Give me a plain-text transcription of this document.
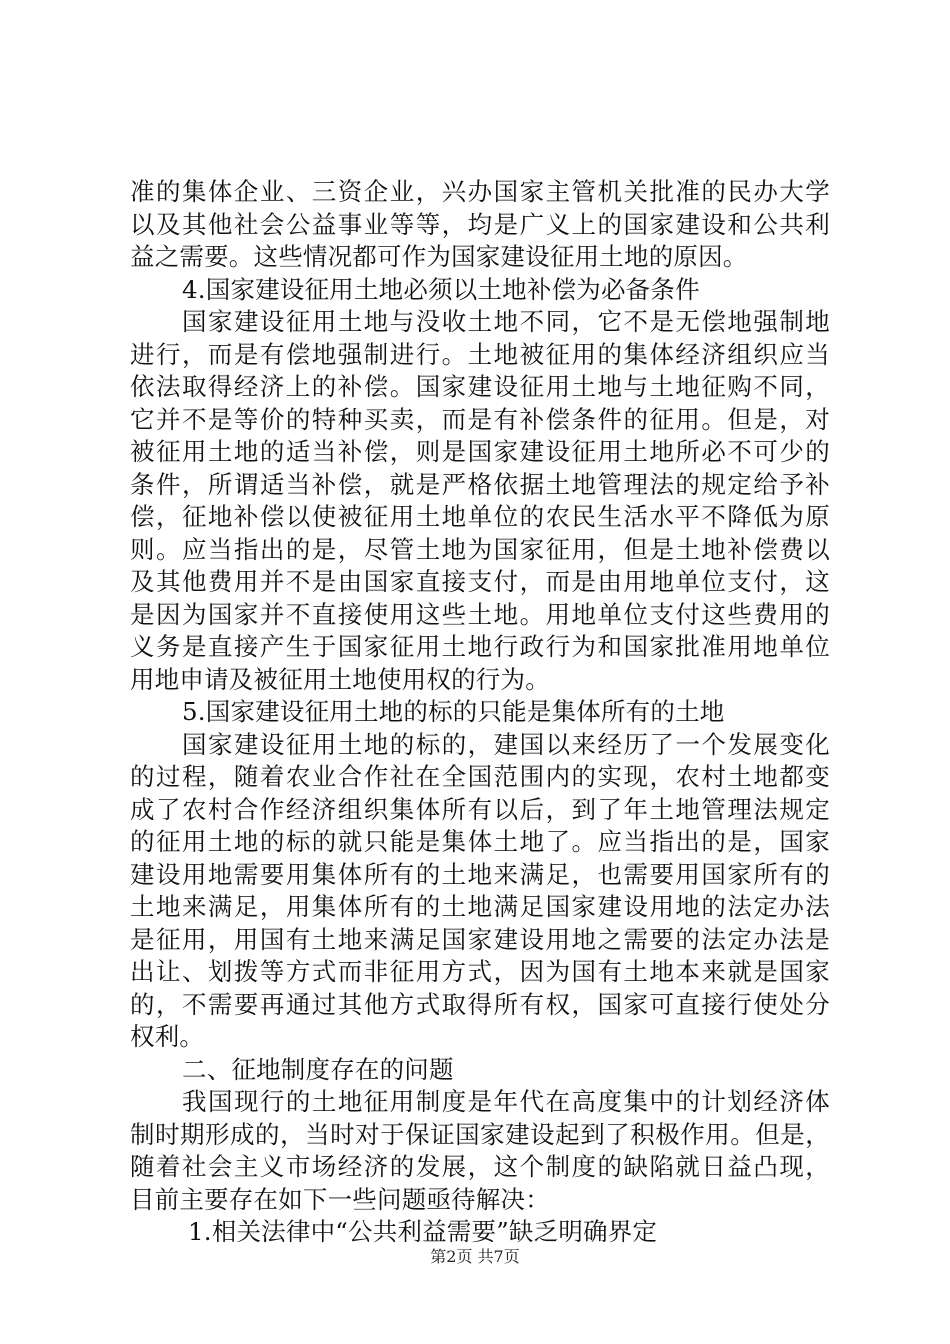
准的集体企业、三资企业，兴办国家主管机关批准的民办大学
以及其他社会公益事业等等，均是广义上的国家建设和公共利
益之需要。这些情况都可作为国家建设征用土地的原因。
4.国家建设征用土地必须以土地补偿为必备条件
国家建设征用土地与没收土地不同，它不是无偿地强制地
进行，而是有偿地强制进行。土地被征用的集体经济组织应当
依法取得经济上的补偿。国家建设征用土地与土地征购不同，
它并不是等价的特种买卖，而是有补偿条件的征用。但是，对
被征用土地的适当补偿，则是国家建设征用土地所必不可少的
条件，所谓适当补偿，就是严格依据土地管理法的规定给予补
偿，征地补偿以使被征用土地单位的农民生活水平不降低为原
则。应当指出的是，尽管土地为国家征用，但是土地补偿费以
及其他费用并不是由国家直接支付，而是由用地单位支付，这
是因为国家并不直接使用这些土地。用地单位支付这些费用的
义务是直接产生于国家征用土地行政行为和国家批准用地单位
用地申请及被征用土地使用权的行为。
5.国家建设征用土地的标的只能是集体所有的土地
国家建设征用土地的标的，建国以来经历了一个发展变化
的过程，随着农业合作社在全国范围内的实现，农村土地都变
成了农村合作经济组织集体所有以后，到了年土地管理法规定
的征用土地的标的就只能是集体土地了。应当指出的是，国家
建设用地需要用集体所有的土地来满足，也需要用国家所有的
土地来满足，用集体所有的土地满足国家建设用地的法定办法
是征用，用国有土地来满足国家建设用地之需要的法定办法是
出让、划拨等方式而非征用方式，因为国有土地本来就是国家
的，不需要再通过其他方式取得所有权，国家可直接行使处分
权利。
二、征地制度存在的问题
我国现行的土地征用制度是年代在高度集中的计划经济体
制时期形成的，当时对于保证国家建设起到了积极作用。但是，
随着社会主义市场经济的发展，这个制度的缺陷就日益凸现，
目前主要存在如下一些问题亟待解决：
1.相关法律中“公共利益需要”缺乏明确界定
第2页 共7页
